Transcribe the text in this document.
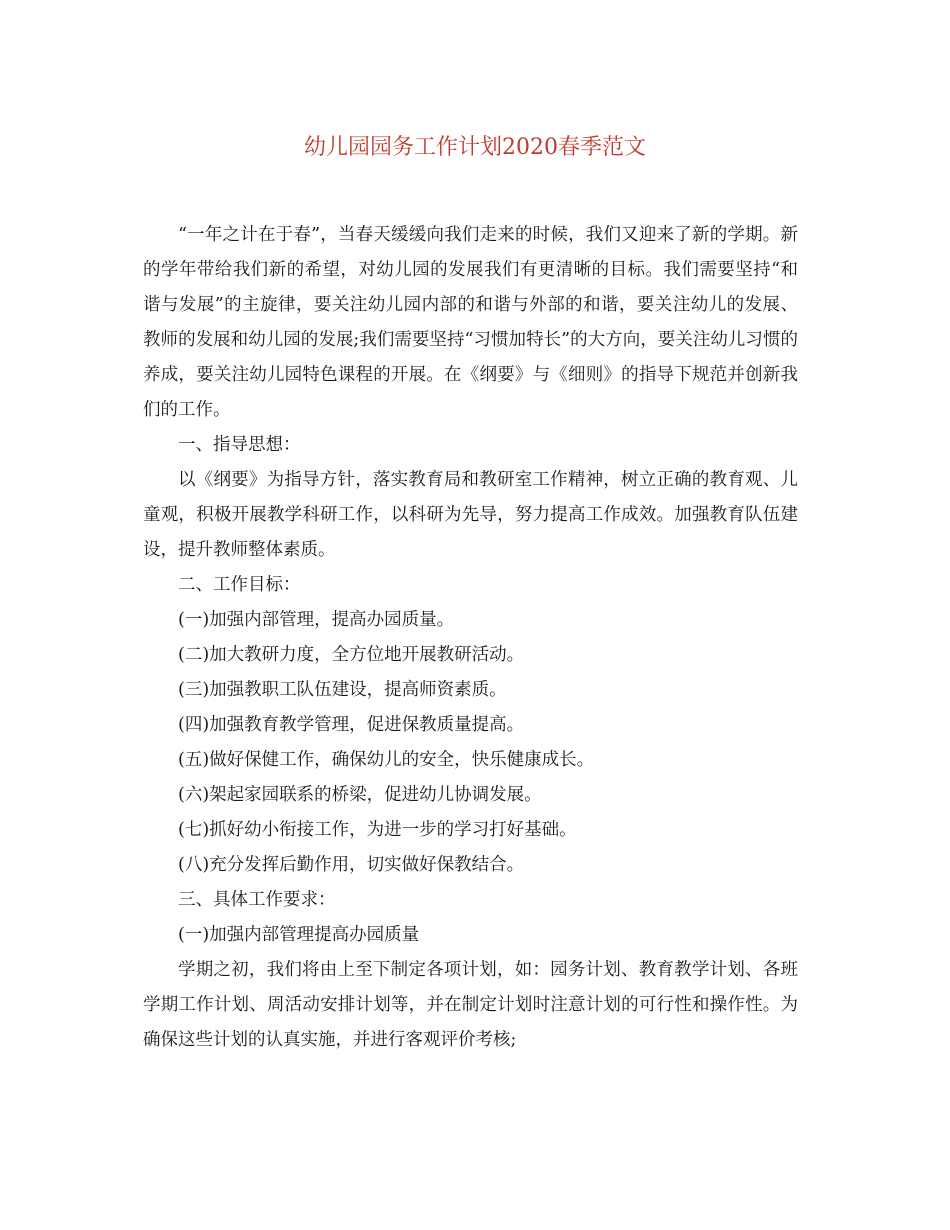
幼儿园园务工作计划2020春季范文

“一年之计在于春”，当春天缓缓向我们走来的时候，我们又迎来了新的学期。新的学年带给我们新的希望，对幼儿园的发展我们有更清晰的目标。我们需要坚持“和谐与发展”的主旋律，要关注幼儿园内部的和谐与外部的和谐，要关注幼儿的发展、教师的发展和幼儿园的发展;我们需要坚持“习惯加特长”的大方向，要关注幼儿习惯的养成，要关注幼儿园特色课程的开展。在《纲要》与《细则》的指导下规范并创新我们的工作。

一、指导思想：

以《纲要》为指导方针，落实教育局和教研室工作精神，树立正确的教育观、儿童观，积极开展教学科研工作，以科研为先导，努力提高工作成效。加强教育队伍建设，提升教师整体素质。

二、工作目标：

(一)加强内部管理，提高办园质量。

(二)加大教研力度，全方位地开展教研活动。

(三)加强教职工队伍建设，提高师资素质。

(四)加强教育教学管理，促进保教质量提高。

(五)做好保健工作，确保幼儿的安全，快乐健康成长。

(六)架起家园联系的桥梁，促进幼儿协调发展。

(七)抓好幼小衔接工作，为进一步的学习打好基础。

(八)充分发挥后勤作用，切实做好保教结合。

三、具体工作要求：

(一)加强内部管理提高办园质量

学期之初，我们将由上至下制定各项计划，如：园务计划、教育教学计划、各班学期工作计划、周活动安排计划等，并在制定计划时注意计划的可行性和操作性。为确保这些计划的认真实施，并进行客观评价考核;
